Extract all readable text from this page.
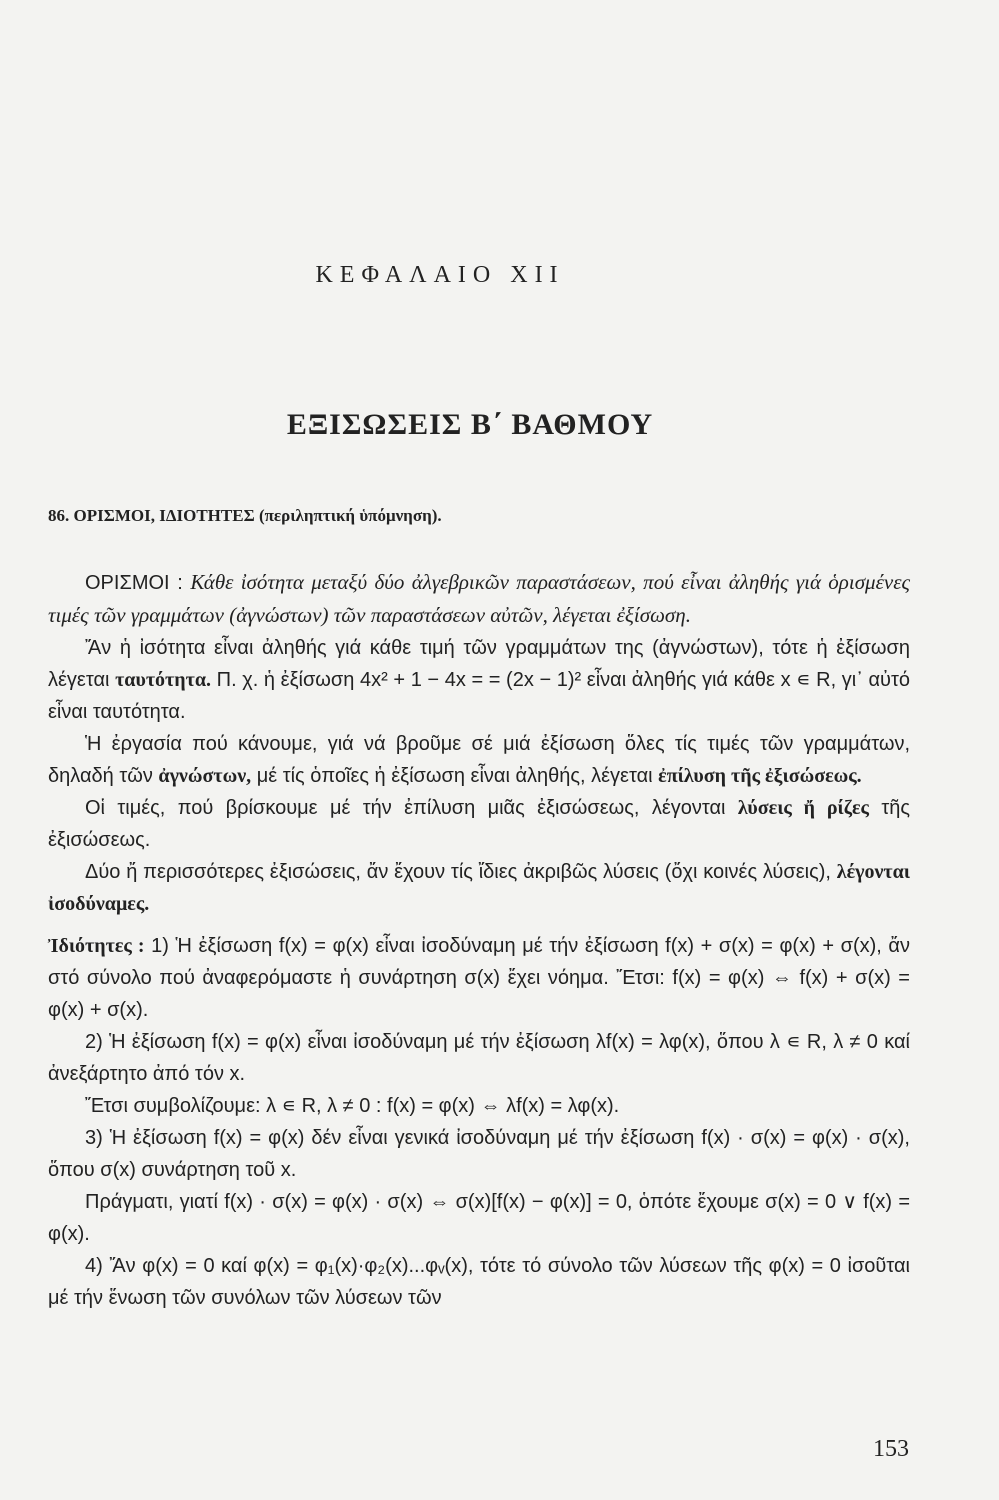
ΚΕΦΑΛΑΙΟ XII
ΕΞΙΣΩΣΕΙΣ Β΄ ΒΑΘΜΟΥ
86. ΟΡΙΣΜΟΙ, ΙΔΙΟΤΗΤΕΣ (περιληπτική ὑπόμνηση).

ΟΡΙΣΜΟΙ : Κάθε ἰσότητα μεταξύ δύο ἀλγεβρικῶν παραστάσεων, πού εἶναι ἀληθής γιά ὁρισμένες τιμές τῶν γραμμάτων (ἀγνώστων) τῶν παραστάσεων αὐτῶν, λέγεται ἐξίσωση.

Ἄν ἡ ἰσότητα εἶναι ἀληθής γιά κάθε τιμή τῶν γραμμάτων της (ἀγνώστων), τότε ἡ ἐξίσωση λέγεται ταυτότητα. Π. χ. ἡ ἐξίσωση 4x² + 1 − 4x = = (2x − 1)² εἶναι ἀληθής γιά κάθε x ∊ R, γι᾽ αὐτό εἶναι ταυτότητα.

Ἡ ἐργασία πού κάνουμε, γιά νά βροῦμε σέ μιά ἐξίσωση ὅλες τίς τιμές τῶν γραμμάτων, δηλαδή τῶν ἀγνώστων, μέ τίς ὁποῖες ἡ ἐξίσωση εἶναι ἀληθής, λέγεται ἐπίλυση τῆς ἐξισώσεως.

Οἱ τιμές, πού βρίσκουμε μέ τήν ἐπίλυση μιᾶς ἐξισώσεως, λέγονται λύσεις ἤ ρίζες τῆς ἐξισώσεως.

Δύο ἤ περισσότερες ἐξισώσεις, ἄν ἔχουν τίς ἴδιες ἀκριβῶς λύσεις (ὄχι κοινές λύσεις), λέγονται ἰσοδύναμες.

Ἰδιότητες : 1) Ἡ ἐξίσωση f(x) = φ(x) εἶναι ἰσοδύναμη μέ τήν ἐξίσωση f(x) + σ(x) = φ(x) + σ(x), ἄν στό σύνολο πού ἀναφερόμαστε ἡ συνάρτηση σ(x) ἔχει νόημα. Ἔτσι: f(x) = φ(x) ⇔ f(x) + σ(x) = φ(x) + σ(x).

2) Ἡ ἐξίσωση f(x) = φ(x) εἶναι ἰσοδύναμη μέ τήν ἐξίσωση λf(x) = λφ(x), ὅπου λ ∊ R, λ ≠ 0 καί ἀνεξάρτητο ἀπό τόν x.

Ἔτσι συμβολίζουμε: λ ∊ R, λ ≠ 0 : f(x) = φ(x) ⇔ λf(x) = λφ(x).

3) Ἡ ἐξίσωση f(x) = φ(x) δέν εἶναι γενικά ἰσοδύναμη μέ τήν ἐξίσωση f(x) · σ(x) = φ(x) · σ(x), ὅπου σ(x) συνάρτηση τοῦ x.

Πράγματι, γιατί f(x) · σ(x) = φ(x) · σ(x) ⇔ σ(x)[f(x) − φ(x)] = 0, ὁπότε ἔχουμε σ(x) = 0 ∨ f(x) = φ(x).

4) Ἄν φ(x) = 0 καί φ(x) = φ₁(x)·φ₂(x)...φᵥ(x), τότε τό σύνολο τῶν λύσεων τῆς φ(x) = 0 ἰσοῦται μέ τήν ἕνωση τῶν συνόλων τῶν λύσεων τῶν

153
